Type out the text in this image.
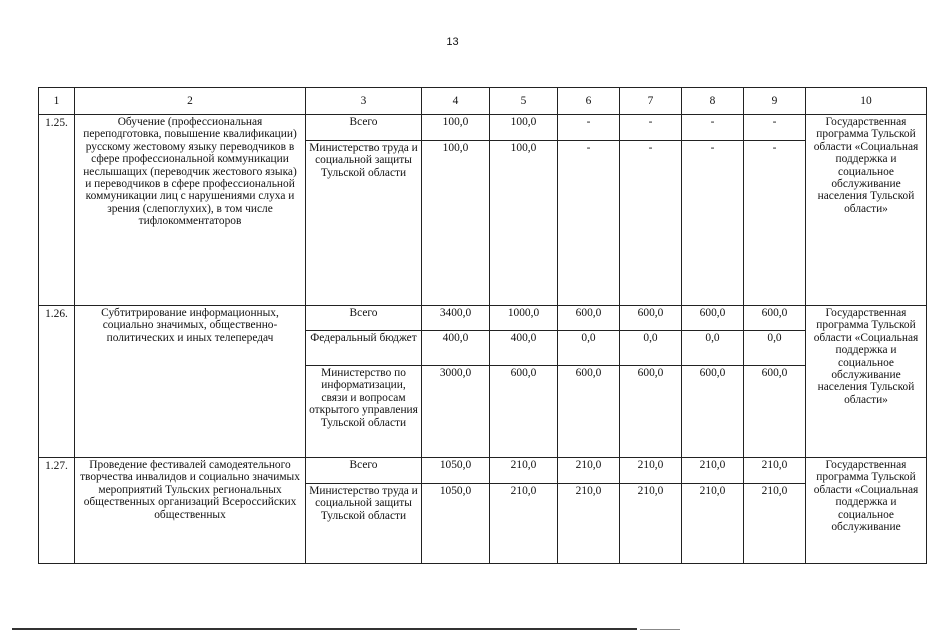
13
1	2	3	4	5	6	7	8	9	10
1.25.	Обучение (профессиональная переподготовка, повышение квалификации) русскому жестовому языку переводчиков в сфере профессиональной коммуникации неслышащих (переводчик жестового языка) и переводчиков в сфере профессиональной коммуникации лиц с нарушениями слуха и зрения (слепоглухих), в том числе тифлокомментаторов	Всего	100,0	100,0	-	-	-	-	Государственная программа Тульской области «Социальная поддержка и социальное обслуживание населения Тульской области»
		Министерство труда и социальной защиты Тульской области	100,0	100,0	-	-	-	-	
1.26.	Субтитрирование информационных, социально значимых, общественно-политических и иных телепередач	Всего	3400,0	1000,0	600,0	600,0	600,0	600,0	Государственная программа Тульской области «Социальная поддержка и социальное обслуживание населения Тульской области»
		Федеральный бюджет	400,0	400,0	0,0	0,0	0,0	0,0	
		Министерство по информатизации, связи и вопросам открытого управления Тульской области	3000,0	600,0	600,0	600,0	600,0	600,0	
1.27.	Проведение фестивалей самодеятельного творчества инвалидов и социально значимых мероприятий Тульских региональных общественных организаций Всероссийских общественных	Всего	1050,0	210,0	210,0	210,0	210,0	210,0	Государственная программа Тульской области «Социальная поддержка и социальное обслуживание
		Министерство труда и социальной защиты Тульской области	1050,0	210,0	210,0	210,0	210,0	210,0	
